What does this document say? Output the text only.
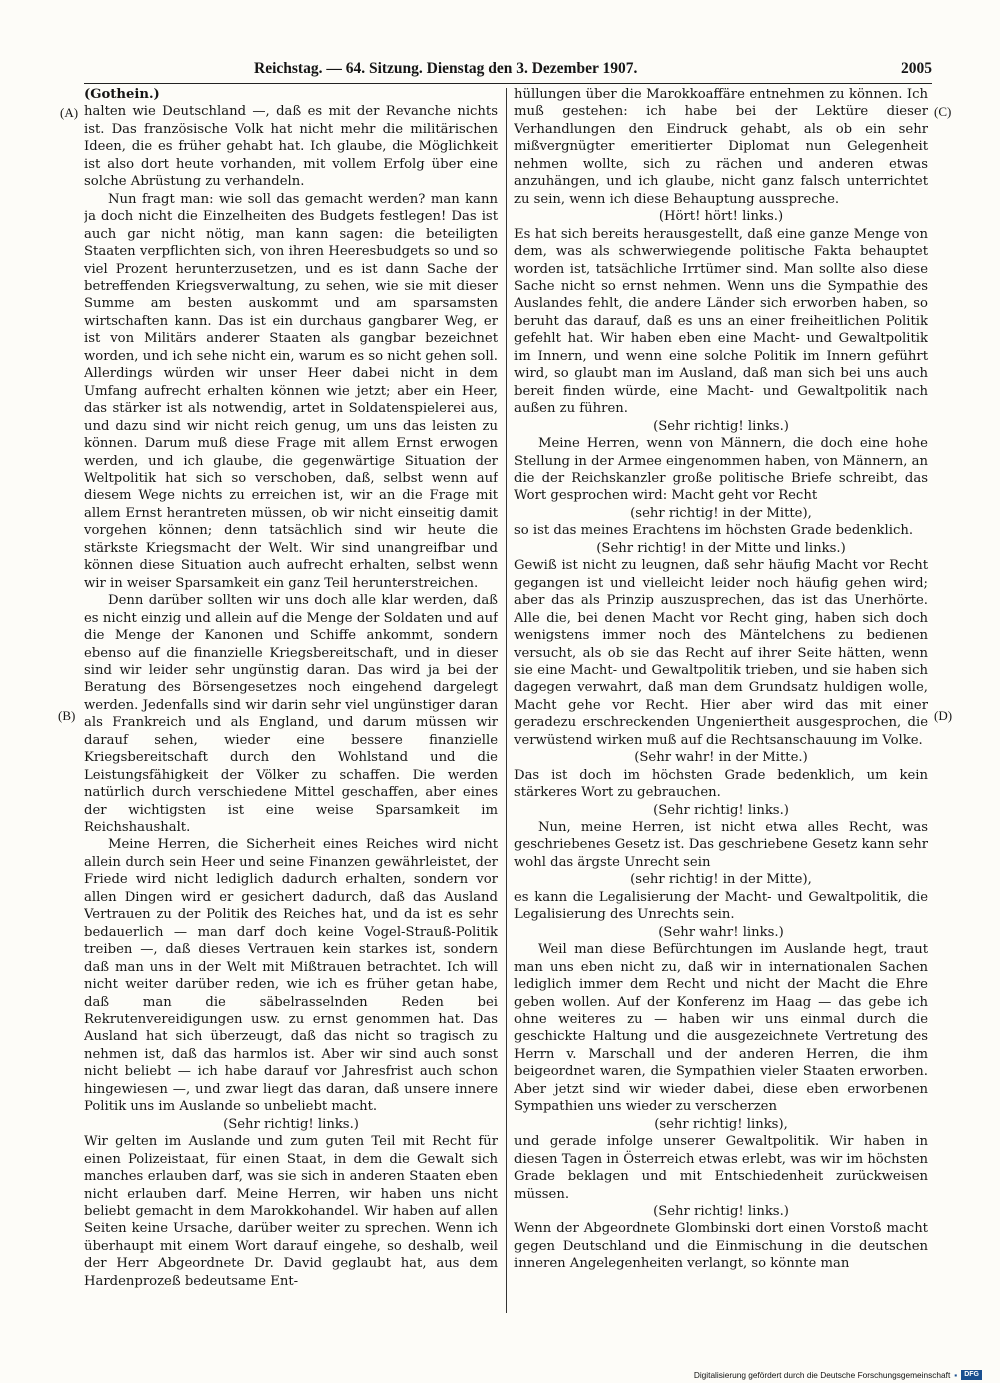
Reichstag. — 64. Sitzung. Dienstag den 3. Dezember 1907.	2005
(A)
(B)
(C)
(D)

(Gothein.)

halten wie Deutschland —, daß es mit der Revanche nichts ist. Das französische Volk hat nicht mehr die militärischen Ideen, die es früher gehabt hat. Ich glaube, die Möglichkeit ist also dort heute vorhanden, mit vollem Erfolg über eine solche Abrüstung zu verhandeln.

Nun fragt man: wie soll das gemacht werden? man kann ja doch nicht die Einzelheiten des Budgets festlegen! Das ist auch gar nicht nötig, man kann sagen: die beteiligten Staaten verpflichten sich, von ihren Heeresbudgets so und so viel Prozent herunterzusetzen, und es ist dann Sache der betreffenden Kriegsverwaltung, zu sehen, wie sie mit dieser Summe am besten auskommt und am sparsamsten wirtschaften kann. Das ist ein durchaus gangbarer Weg, er ist von Militärs anderer Staaten als gangbar bezeichnet worden, und ich sehe nicht ein, warum es so nicht gehen soll. Allerdings würden wir unser Heer dabei nicht in dem Umfang aufrecht erhalten können wie jetzt; aber ein Heer, das stärker ist als notwendig, artet in Soldatenspielerei aus, und dazu sind wir nicht reich genug, um uns das leisten zu können. Darum muß diese Frage mit allem Ernst erwogen werden, und ich glaube, die gegenwärtige Situation der Weltpolitik hat sich so verschoben, daß, selbst wenn auf diesem Wege nichts zu erreichen ist, wir an die Frage mit allem Ernst herantreten müssen, ob wir nicht einseitig damit vorgehen können; denn tatsächlich sind wir heute die stärkste Kriegsmacht der Welt. Wir sind unangreifbar und können diese Situation auch aufrecht erhalten, selbst wenn wir in weiser Sparsamkeit ein ganz Teil herunterstreichen.

Denn darüber sollten wir uns doch alle klar werden, daß es nicht einzig und allein auf die Menge der Soldaten und auf die Menge der Kanonen und Schiffe ankommt, sondern ebenso auf die finanzielle Kriegsbereitschaft, und in dieser sind wir leider sehr ungünstig daran. Das wird ja bei der Beratung des Börsengesetzes noch eingehend dargelegt werden. Jedenfalls sind wir darin sehr viel ungünstiger daran als Frankreich und als England, und darum müssen wir darauf sehen, wieder eine bessere finanzielle Kriegsbereitschaft durch den Wohlstand und die Leistungsfähigkeit der Völker zu schaffen. Die werden natürlich durch verschiedene Mittel geschaffen, aber eines der wichtigsten ist eine weise Sparsamkeit im Reichshaushalt.

Meine Herren, die Sicherheit eines Reiches wird nicht allein durch sein Heer und seine Finanzen gewährleistet, der Friede wird nicht lediglich dadurch erhalten, sondern vor allen Dingen wird er gesichert dadurch, daß das Ausland Vertrauen zu der Politik des Reiches hat, und da ist es sehr bedauerlich — man darf doch keine Vogel-Strauß-Politik treiben —, daß dieses Vertrauen kein starkes ist, sondern daß man uns in der Welt mit Mißtrauen betrachtet. Ich will nicht weiter darüber reden, wie ich es früher getan habe, daß man die säbelrasselnden Reden bei Rekrutenvereidigungen usw. zu ernst genommen hat. Das Ausland hat sich überzeugt, daß das nicht so tragisch zu nehmen ist, daß das harmlos ist. Aber wir sind auch sonst nicht beliebt — ich habe darauf vor Jahresfrist auch schon hingewiesen —, und zwar liegt das daran, daß unsere innere Politik uns im Auslande so unbeliebt macht.

(Sehr richtig! links.)

Wir gelten im Auslande und zum guten Teil mit Recht für einen Polizeistaat, für einen Staat, in dem die Gewalt sich manches erlauben darf, was sie sich in anderen Staaten eben nicht erlauben darf. Meine Herren, wir haben uns nicht beliebt gemacht in dem Marokkohandel. Wir haben auf allen Seiten keine Ursache, darüber weiter zu sprechen. Wenn ich überhaupt mit einem Wort darauf eingehe, so deshalb, weil der Herr Abgeordnete Dr. David geglaubt hat, aus dem Hardenprozeß bedeutsame Ent-

hüllungen über die Marokkoaffäre entnehmen zu können. Ich muß gestehen: ich habe bei der Lektüre dieser Verhandlungen den Eindruck gehabt, als ob ein sehr mißvergnügter emeritierter Diplomat nun Gelegenheit nehmen wollte, sich zu rächen und anderen etwas anzuhängen, und ich glaube, nicht ganz falsch unterrichtet zu sein, wenn ich diese Behauptung ausspreche.

(Hört! hört! links.)

Es hat sich bereits herausgestellt, daß eine ganze Menge von dem, was als schwerwiegende politische Fakta behauptet worden ist, tatsächliche Irrtümer sind. Man sollte also diese Sache nicht so ernst nehmen. Wenn uns die Sympathie des Auslandes fehlt, die andere Länder sich erworben haben, so beruht das darauf, daß es uns an einer freiheitlichen Politik gefehlt hat. Wir haben eben eine Macht- und Gewaltpolitik im Innern, und wenn eine solche Politik im Innern geführt wird, so glaubt man im Ausland, daß man sich bei uns auch bereit finden würde, eine Macht- und Gewaltpolitik nach außen zu führen.

(Sehr richtig! links.)

Meine Herren, wenn von Männern, die doch eine hohe Stellung in der Armee eingenommen haben, von Männern, an die der Reichskanzler große politische Briefe schreibt, das Wort gesprochen wird: Macht geht vor Recht

(sehr richtig! in der Mitte),

so ist das meines Erachtens im höchsten Grade bedenklich.

(Sehr richtig! in der Mitte und links.)

Gewiß ist nicht zu leugnen, daß sehr häufig Macht vor Recht gegangen ist und vielleicht leider noch häufig gehen wird; aber das als Prinzip auszusprechen, das ist das Unerhörte. Alle die, bei denen Macht vor Recht ging, haben sich doch wenigstens immer noch des Mäntelchens zu bedienen versucht, als ob sie das Recht auf ihrer Seite hätten, wenn sie eine Macht- und Gewaltpolitik trieben, und sie haben sich dagegen verwahrt, daß man dem Grundsatz huldigen wolle, Macht gehe vor Recht. Hier aber wird das mit einer geradezu erschreckenden Ungeniertheit ausgesprochen, die verwüstend wirken muß auf die Rechtsanschauung im Volke.

(Sehr wahr! in der Mitte.)

Das ist doch im höchsten Grade bedenklich, um kein stärkeres Wort zu gebrauchen.

(Sehr richtig! links.)

Nun, meine Herren, ist nicht etwa alles Recht, was geschriebenes Gesetz ist. Das geschriebene Gesetz kann sehr wohl das ärgste Unrecht sein

(sehr richtig! in der Mitte),

es kann die Legalisierung der Macht- und Gewaltpolitik, die Legalisierung des Unrechts sein.

(Sehr wahr! links.)

Weil man diese Befürchtungen im Auslande hegt, traut man uns eben nicht zu, daß wir in internationalen Sachen lediglich immer dem Recht und nicht der Macht die Ehre geben wollen. Auf der Konferenz im Haag — das gebe ich ohne weiteres zu — haben wir uns einmal durch die geschickte Haltung und die ausgezeichnete Vertretung des Herrn v. Marschall und der anderen Herren, die ihm beigeordnet waren, die Sympathien vieler Staaten erworben. Aber jetzt sind wir wieder dabei, diese eben erworbenen Sympathien uns wieder zu verscherzen

(sehr richtig! links),

und gerade infolge unserer Gewaltpolitik. Wir haben in diesen Tagen in Österreich etwas erlebt, was wir im höchsten Grade beklagen und mit Entschiedenheit zurückweisen müssen.

(Sehr richtig! links.)

Wenn der Abgeordnete Glombinski dort einen Vorstoß macht gegen Deutschland und die Einmischung in die deutschen inneren Angelegenheiten verlangt, so könnte man

Digitalisierung gefördert durch die Deutsche Forschungsgemeinschaft ▪	DFG
